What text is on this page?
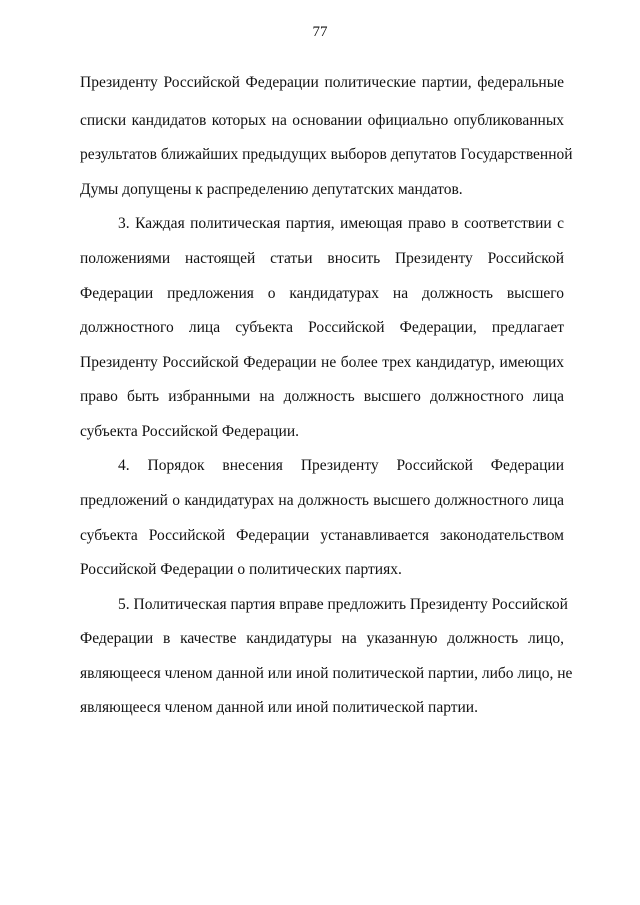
77
Президенту Российской Федерации политические партии, федеральные
списки кандидатов которых на основании официально опубликованных
результатов ближайших предыдущих выборов депутатов Государственной
Думы допущены к распределению депутатских мандатов.
3. Каждая политическая партия, имеющая право в соответствии с
положениями настоящей статьи вносить Президенту Российской
Федерации предложения о кандидатурах на должность высшего
должностного лица субъекта Российской Федерации, предлагает
Президенту Российской Федерации не более трех кандидатур, имеющих
право быть избранными на должность высшего должностного лица
субъекта Российской Федерации.
4. Порядок внесения Президенту Российской Федерации
предложений о кандидатурах на должность высшего должностного лица
субъекта Российской Федерации устанавливается законодательством
Российской Федерации о политических партиях.
5. Политическая партия вправе предложить Президенту Российской
Федерации в качестве кандидатуры на указанную должность лицо,
являющееся членом данной или иной политической партии, либо лицо, не
являющееся членом данной или иной политической партии.
